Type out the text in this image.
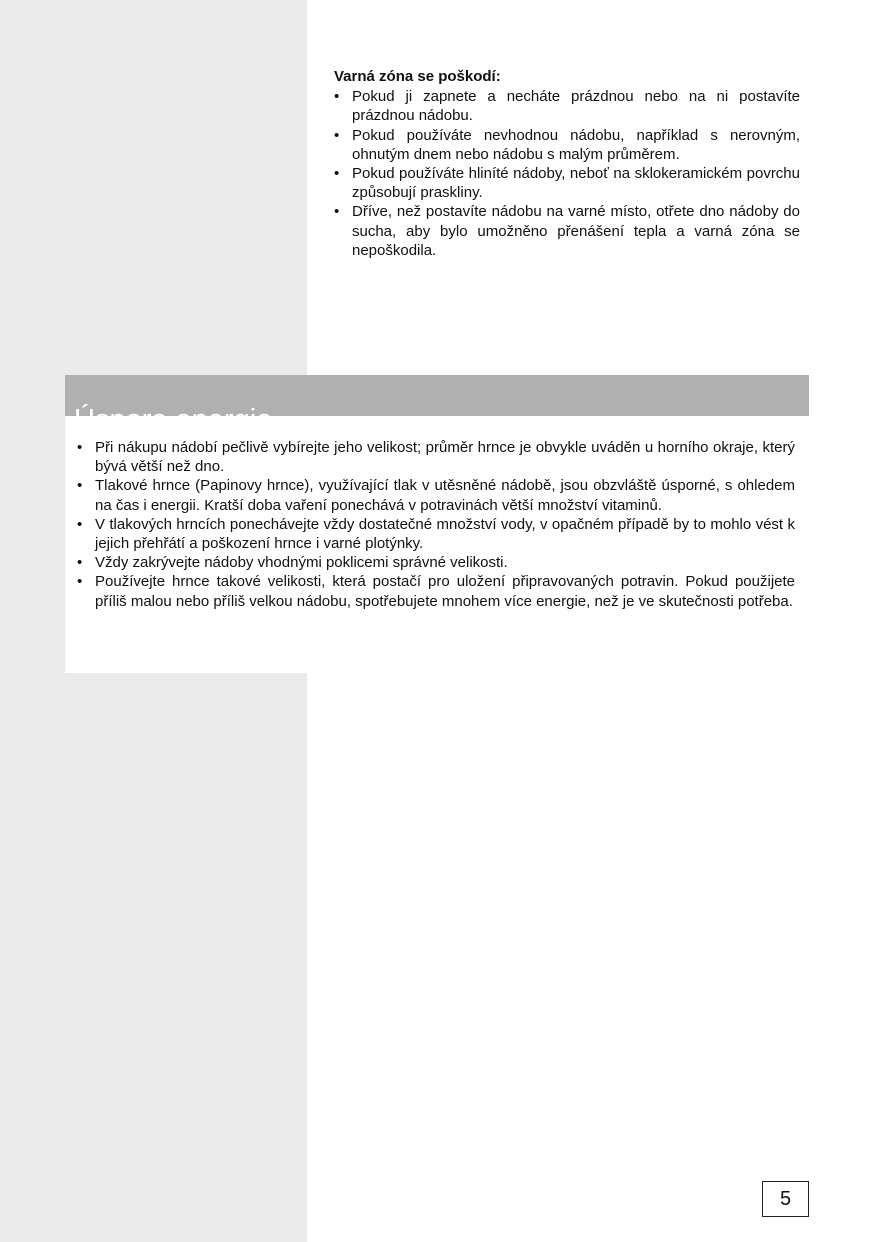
Varná zóna se poškodí:
• Pokud ji zapnete a necháte prázdnou nebo na ni postavíte prázdnou nádobu.
• Pokud používáte nevhodnou nádobu, například s nerovným, ohnutým dnem nebo nádobu s malým průměrem.
• Pokud používáte hliníté nádoby, neboť na sklokeramickém povrchu způsobují praskliny.
• Dříve, než postavíte nádobu na varné místo, otřete dno nádoby do sucha, aby bylo umožněno přenášení tepla a varná zóna se nepoškodila.
Úspora energie
• Při nákupu nádobí pečlivě vybírejte jeho velikost; průměr hrnce je obvykle uváděn u horního okraje, který bývá větší než dno.
• Tlakové hrnce (Papinovy hrnce), využívající tlak v utěsněné nádobě, jsou obzvláště úsporné, s ohledem na čas i energii. Kratší doba vaření ponechává v potravinách větší množství vitaminů.
• V tlakových hrncích ponechávejte vždy dostatečné množství vody, v opačném případě by to mohlo vést k jejich přehřátí a poškození hrnce i varné plotýnky.
• Vždy zakrývejte nádoby vhodnými poklicemi správné velikosti.
• Používejte hrnce takové velikosti, která postačí pro uložení připravovaných potravin. Pokud použijete příliš malou nebo příliš velkou nádobu, spotřebujete mnohem více energie, než je ve skutečnosti potřeba.
5
